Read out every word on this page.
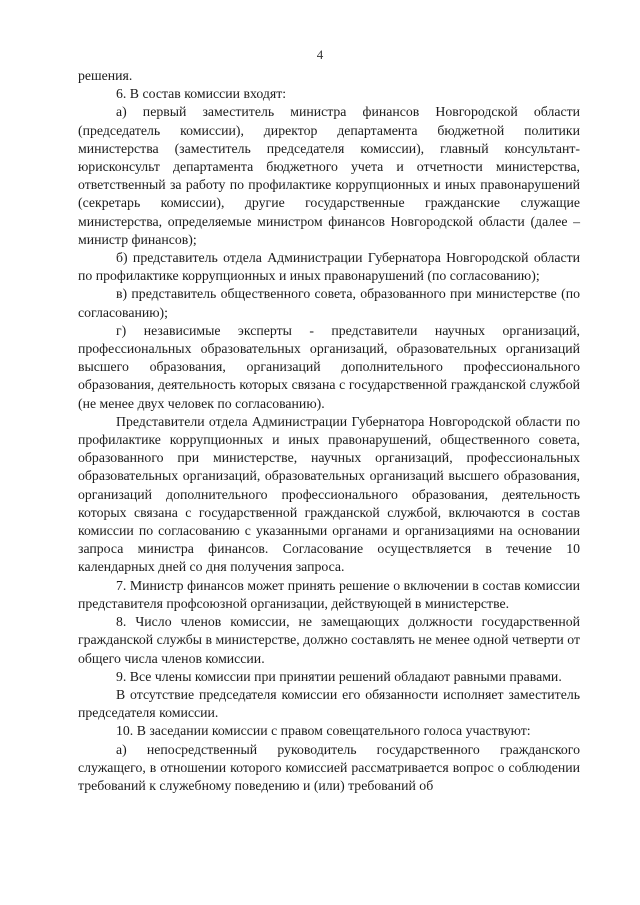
4

решения.

6. В состав комиссии входят:

а) первый заместитель министра финансов Новгородской области (председатель комиссии), директор департамента бюджетной политики министерства (заместитель председателя комиссии), главный консультант-юрисконсульт департамента бюджетного учета и отчетности министерства, ответственный за работу по профилактике коррупционных и иных правонарушений (секретарь комиссии), другие государственные гражданские служащие министерства, определяемые министром финансов Новгородской области (далее – министр финансов);

б) представитель отдела Администрации Губернатора Новгородской области по профилактике коррупционных и иных правонарушений (по согласованию);

в) представитель общественного совета, образованного при министерстве (по согласованию);

г) независимые эксперты - представители научных организаций, профессиональных образовательных организаций, образовательных организаций высшего образования, организаций дополнительного профессионального образования, деятельность которых связана с государственной гражданской службой (не менее двух человек по согласованию).

Представители отдела Администрации Губернатора Новгородской области по профилактике коррупционных и иных правонарушений, общественного совета, образованного при министерстве, научных организаций, профессиональных образовательных организаций, образовательных организаций высшего образования, организаций дополнительного профессионального образования, деятельность которых связана с государственной гражданской службой, включаются в состав комиссии по согласованию с указанными органами и организациями на основании запроса министра финансов. Согласование осуществляется в течение 10 календарных дней со дня получения запроса.

7. Министр финансов может принять решение о включении в состав комиссии представителя профсоюзной организации, действующей в министерстве.

8. Число членов комиссии, не замещающих должности государственной гражданской службы в министерстве, должно составлять не менее одной четверти от общего числа членов комиссии.

9. Все члены комиссии при принятии решений обладают равными правами.

В отсутствие председателя комиссии его обязанности исполняет заместитель председателя комиссии.

10. В заседании комиссии с правом совещательного голоса участвуют:

а) непосредственный руководитель государственного гражданского служащего, в отношении которого комиссией рассматривается вопрос о соблюдении требований к служебному поведению и (или) требований об
